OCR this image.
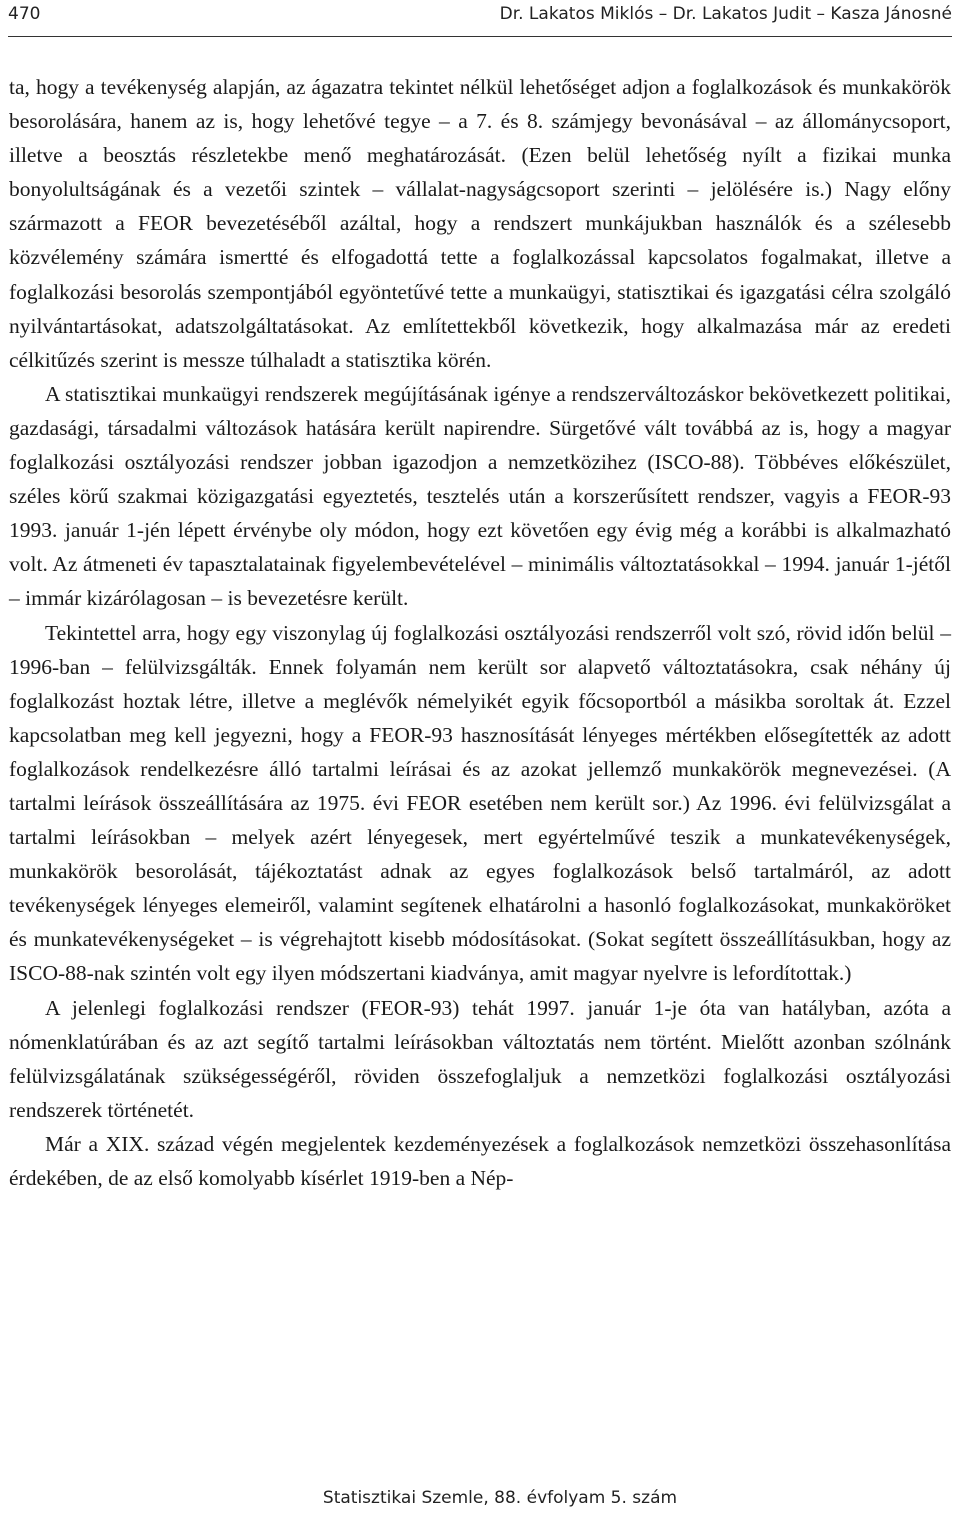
470	Dr. Lakatos Miklós – Dr. Lakatos Judit – Kasza Jánosné

ta, hogy a tevékenység alapján, az ágazatra tekintet nélkül lehetőséget adjon a foglalkozások és munkakörök besorolására, hanem az is, hogy lehetővé tegye – a 7. és 8. számjegy bevonásával – az állománycsoport, illetve a beosztás részletekbe menő meghatározását. (Ezen belül lehetőség nyílt a fizikai munka bonyolultságának és a vezetői szintek – vállalat-nagyságcsoport szerinti – jelölésére is.) Nagy előny származott a FEOR bevezetéséből azáltal, hogy a rendszert munkájukban használók és a szélesebb közvélemény számára ismertté és elfogadottá tette a foglalkozással kapcsolatos fogalmakat, illetve a foglalkozási besorolás szempontjából egyöntetűvé tette a munkaügyi, statisztikai és igazgatási célra szolgáló nyilvántartásokat, adatszolgáltatásokat. Az említettekből következik, hogy alkalmazása már az eredeti célkitűzés szerint is messze túlhaladt a statisztika körén.

A statisztikai munkaügyi rendszerek megújításának igénye a rendszerváltozáskor bekövetkezett politikai, gazdasági, társadalmi változások hatására került napirendre. Sürgetővé vált továbbá az is, hogy a magyar foglalkozási osztályozási rendszer jobban igazodjon a nemzetközihez (ISCO-88). Többéves előkészület, széles körű szakmai közigazgatási egyeztetés, tesztelés után a korszerűsített rendszer, vagyis a FEOR-93 1993. január 1-jén lépett érvénybe oly módon, hogy ezt követően egy évig még a korábbi is alkalmazható volt. Az átmeneti év tapasztalatainak figyelembevételével – minimális változtatásokkal – 1994. január 1-jétől – immár kizárólagosan – is bevezetésre került.

Tekintettel arra, hogy egy viszonylag új foglalkozási osztályozási rendszerről volt szó, rövid időn belül – 1996-ban – felülvizsgálták. Ennek folyamán nem került sor alapvető változtatásokra, csak néhány új foglalkozást hoztak létre, illetve a meglévők némelyikét egyik főcsoportból a másikba soroltak át. Ezzel kapcsolatban meg kell jegyezni, hogy a FEOR-93 hasznosítását lényeges mértékben elősegítették az adott foglalkozások rendelkezésre álló tartalmi leírásai és az azokat jellemző munkakörök megnevezései. (A tartalmi leírások összeállítására az 1975. évi FEOR esetében nem került sor.) Az 1996. évi felülvizsgálat a tartalmi leírásokban – melyek azért lényegesek, mert egyértelművé teszik a munkatevékenységek, munkakörök besorolását, tájékoztatást adnak az egyes foglalkozások belső tartalmáról, az adott tevékenységek lényeges elemeiről, valamint segítenek elhatárolni a hasonló foglalkozásokat, munkaköröket és munkatevékenységeket – is végrehajtott kisebb módosításokat. (Sokat segített összeállításukban, hogy az ISCO-88-nak szintén volt egy ilyen módszertani kiadványa, amit magyar nyelvre is lefordítottak.)

A jelenlegi foglalkozási rendszer (FEOR-93) tehát 1997. január 1-je óta van hatályban, azóta a nómenklatúrában és az azt segítő tartalmi leírásokban változtatás nem történt. Mielőtt azonban szólnánk felülvizsgálatának szükségességéről, röviden összefoglaljuk a nemzetközi foglalkozási osztályozási rendszerek történetét.

Már a XIX. század végén megjelentek kezdeményezések a foglalkozások nemzetközi összehasonlítása érdekében, de az első komolyabb kísérlet 1919-ben a Nép-

Statisztikai Szemle, 88. évfolyam 5. szám
